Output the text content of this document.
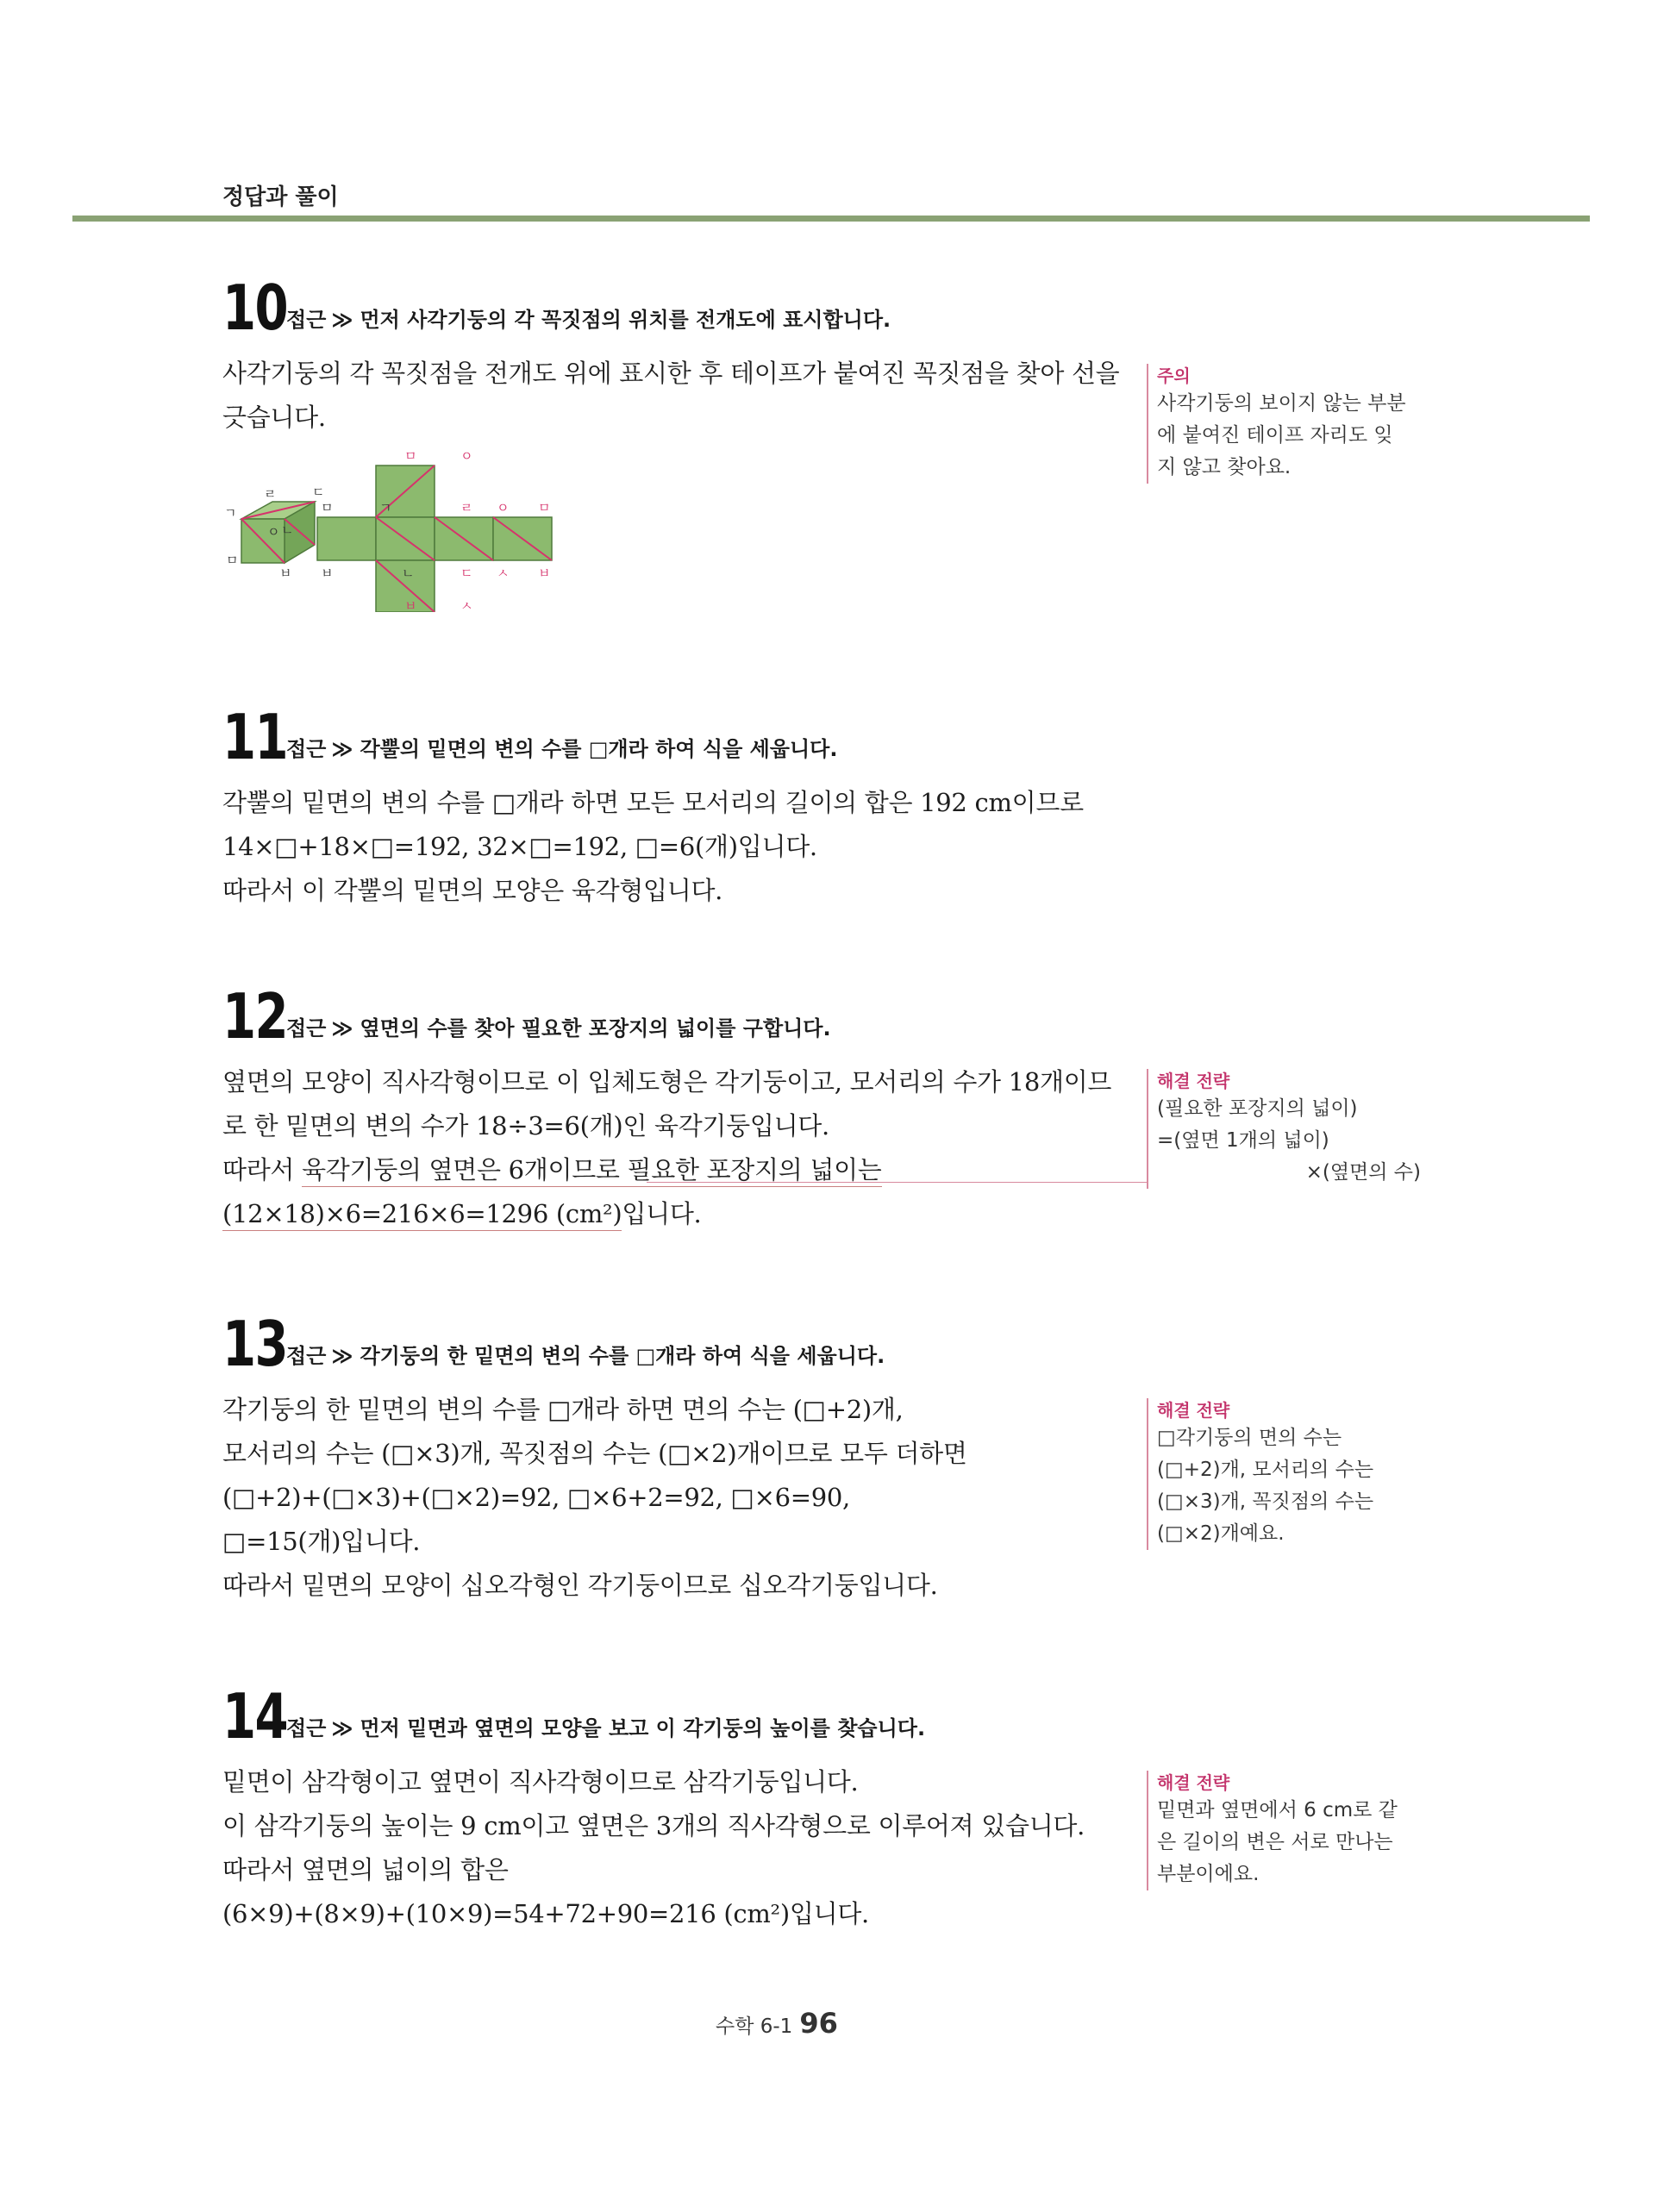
정답과 풀이
10
접근 ≫ 먼저 사각기둥의 각 꼭짓점의 위치를 전개도에 표시합니다.
사각기둥의 각 꼭짓점을 전개도 위에 표시한 후 테이프가 붙여진 꼭짓점을 찾아 선을
긋습니다.
ㄹ	ㄷ
ㄱ
ㅇ ㄴ
ㅁ
ㅂ
ㅁ	ㅇ
ㅁ	ㄱ	ㄹ ㅇ ㅁ
ㅂ	ㄴ	ㄷ ㅅ ㅂ
ㅂ	ㅅ
11
접근 ≫ 각뿔의 밑면의 변의 수를 □개라 하여 식을 세웁니다.
각뿔의 밑면의 변의 수를 □개라 하면 모든 모서리의 길이의 합은 192 cm이므로
14×□+18×□=192, 32×□=192, □=6(개)입니다.
따라서 이 각뿔의 밑면의 모양은 육각형입니다.
12
접근 ≫ 옆면의 수를 찾아 필요한 포장지의 넓이를 구합니다.
옆면의 모양이 직사각형이므로 이 입체도형은 각기둥이고, 모서리의 수가 18개이므
로 한 밑면의 변의 수가 18÷3=6(개)인 육각기둥입니다.
따라서 육각기둥의 옆면은 6개이므로 필요한 포장지의 넓이는
(12×18)×6=216×6=1296 (cm²)입니다.
13
접근 ≫ 각기둥의 한 밑면의 변의 수를 □개라 하여 식을 세웁니다.
각기둥의 한 밑면의 변의 수를 □개라 하면 면의 수는 (□+2)개,
모서리의 수는 (□×3)개, 꼭짓점의 수는 (□×2)개이므로 모두 더하면
(□+2)+(□×3)+(□×2)=92, □×6+2=92, □×6=90,
□=15(개)입니다.
따라서 밑면의 모양이 십오각형인 각기둥이므로 십오각기둥입니다.
14
접근 ≫ 먼저 밑면과 옆면의 모양을 보고 이 각기둥의 높이를 찾습니다.
밑면이 삼각형이고 옆면이 직사각형이므로 삼각기둥입니다.
이 삼각기둥의 높이는 9 cm이고 옆면은 3개의 직사각형으로 이루어져 있습니다.
따라서 옆면의 넓이의 합은
(6×9)+(8×9)+(10×9)=54+72+90=216 (cm²)입니다.
주의
사각기둥의 보이지 않는 부분
에 붙여진 테이프 자리도 잊
지 않고 찾아요.
해결 전략
(필요한 포장지의 넓이)
=(옆면 1개의 넓이)
×(옆면의 수)
해결 전략
□각기둥의 면의 수는
(□+2)개, 모서리의 수는
(□×3)개, 꼭짓점의 수는
(□×2)개예요.
해결 전략
밑면과 옆면에서 6 cm로 같
은 길이의 변은 서로 만나는
부분이에요.
수학 6-1 96
